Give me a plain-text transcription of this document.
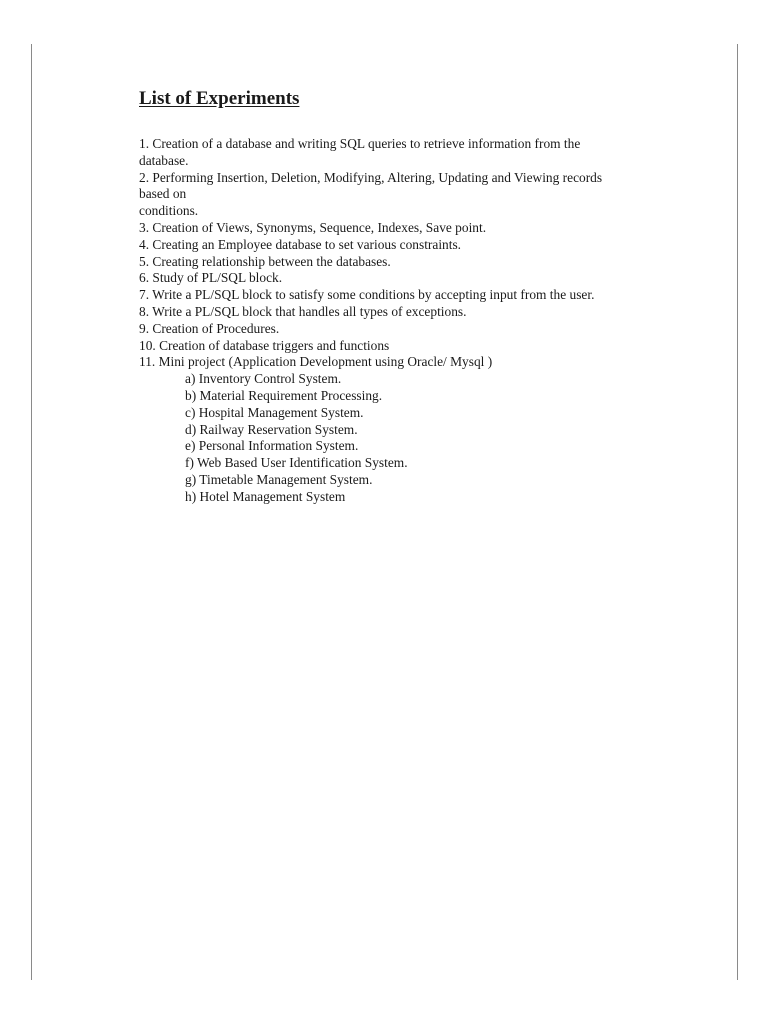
List of Experiments
1. Creation of a database and writing SQL queries to retrieve information from the
database.
2. Performing Insertion, Deletion, Modifying, Altering, Updating and Viewing records
based on
conditions.
3. Creation of Views, Synonyms, Sequence, Indexes, Save point.
4. Creating an Employee database to set various constraints.
5. Creating relationship between the databases.
6. Study of PL/SQL block.
7. Write a PL/SQL block to satisfy some conditions by accepting input from the user.
8. Write a PL/SQL block that handles all types of exceptions.
9. Creation of Procedures.
10. Creation of database triggers and functions
11. Mini project (Application Development using Oracle/ Mysql )
a) Inventory Control System.
b) Material Requirement Processing.
c) Hospital Management System.
d) Railway Reservation System.
e) Personal Information System.
f) Web Based User Identification System.
g) Timetable Management System.
h) Hotel Management System
